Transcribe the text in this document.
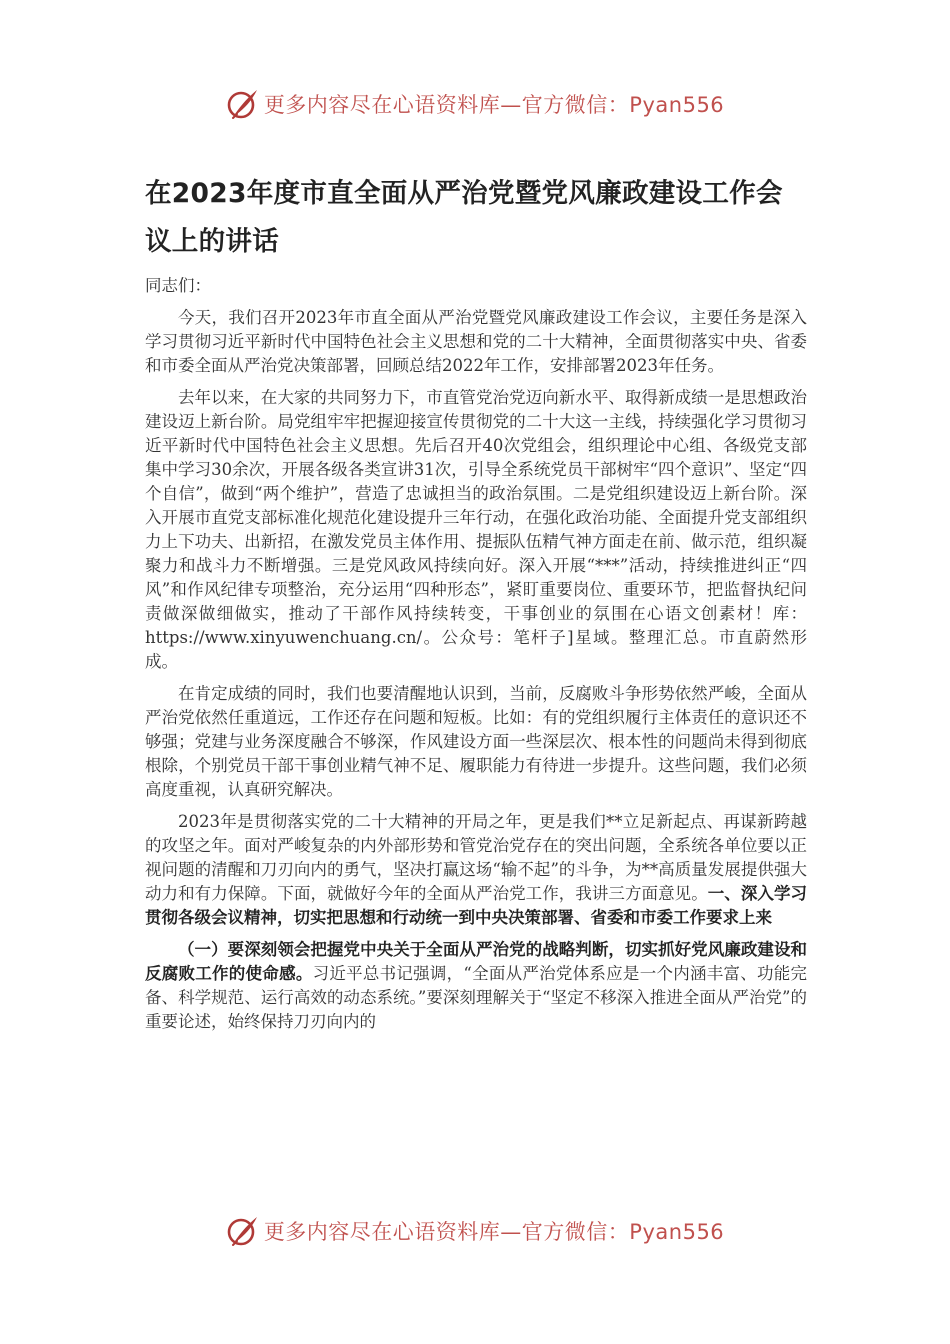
更多内容尽在心语资料库—官方微信：Pyan556
在2023年度市直全面从严治党暨党风廉政建设工作会议上的讲话

同志们：

今天，我们召开2023年市直全面从严治党暨党风廉政建设工作会议，主要任务是深入学习贯彻习近平新时代中国特色社会主义思想和党的二十大精神，全面贯彻落实中央、省委和市委全面从严治党决策部署，回顾总结2022年工作，安排部署2023年任务。

去年以来，在大家的共同努力下，市直管党治党迈向新水平、取得新成绩一是思想政治建设迈上新台阶。局党组牢牢把握迎接宣传贯彻党的二十大这一主线，持续强化学习贯彻习近平新时代中国特色社会主义思想。先后召开40次党组会，组织理论中心组、各级党支部集中学习30余次，开展各级各类宣讲31次，引导全系统党员干部树牢“四个意识”、坚定“四个自信”，做到“两个维护”，营造了忠诚担当的政治氛围。二是党组织建设迈上新台阶。深入开展市直党支部标准化规范化建设提升三年行动，在强化政治功能、全面提升党支部组织力上下功夫、出新招，在激发党员主体作用、提振队伍精气神方面走在前、做示范，组织凝聚力和战斗力不断增强。三是党风政风持续向好。深入开展“***”活动，持续推进纠正“四风”和作风纪律专项整治，充分运用“四种形态”，紧盯重要岗位、重要环节，把监督执纪问责做深做细做实，推动了干部作风持续转变，干事创业的氛围在心语文创素材！库：https://www.xinyuwenchuang.cn/。公众号：笔杆子]星域。整理汇总。市直蔚然形成。

在肯定成绩的同时，我们也要清醒地认识到，当前，反腐败斗争形势依然严峻，全面从严治党依然任重道远，工作还存在问题和短板。比如：有的党组织履行主体责任的意识还不够强；党建与业务深度融合不够深，作风建设方面一些深层次、根本性的问题尚未得到彻底根除，个别党员干部干事创业精气神不足、履职能力有待进一步提升。这些问题，我们必须高度重视，认真研究解决。

2023年是贯彻落实党的二十大精神的开局之年，更是我们**立足新起点、再谋新跨越的攻坚之年。面对严峻复杂的内外部形势和管党治党存在的突出问题，全系统各单位要以正视问题的清醒和刀刃向内的勇气，坚决打赢这场“输不起”的斗争，为**高质量发展提供强大动力和有力保障。下面，就做好今年的全面从严治党工作，我讲三方面意见。一、深入学习贯彻各级会议精神，切实把思想和行动统一到中央决策部署、省委和市委工作要求上来

（一）要深刻领会把握党中央关于全面从严治党的战略判断，切实抓好党风廉政建设和反腐败工作的使命感。习近平总书记强调，“全面从严治党体系应是一个内涵丰富、功能完备、科学规范、运行高效的动态系统。”要深刻理解关于“坚定不移深入推进全面从严治党”的重要论述，始终保持刀刃向内的

更多内容尽在心语资料库—官方微信：Pyan556
